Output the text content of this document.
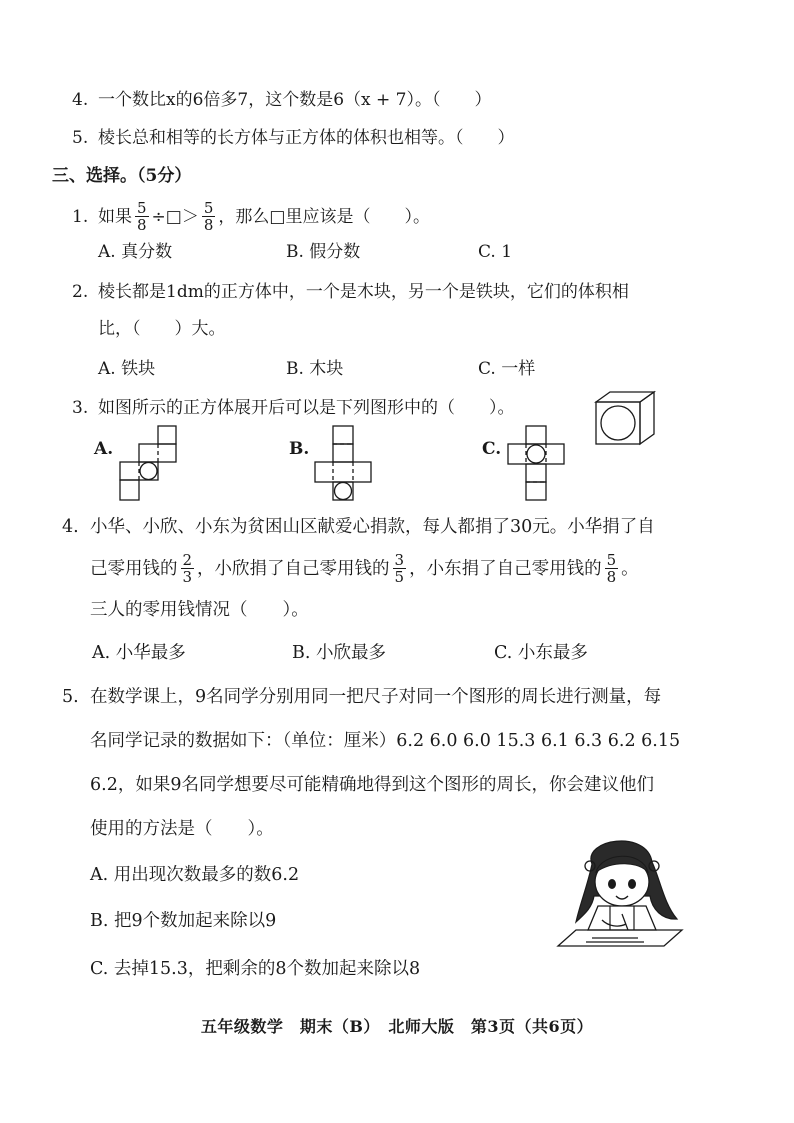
4. 一个数比x的6倍多7，这个数是6（x + 7）。（　　）
5. 棱长总和相等的长方体与正方体的体积也相等。（　　）
三、选择。（5分）
1. 如果 $\frac{5}{8}$ ÷□＞ $\frac{5}{8}$ ，那么□里应该是（　　）。
A. 真分数	B. 假分数	C. 1
2. 棱长都是1dm的正方体中，一个是木块，另一个是铁块，它们的体积相
比，（　　）大。
A. 铁块	B. 木块	C. 一样
3. 如图所示的正方体展开后可以是下列图形中的（　　）。
A.	B.	C.
4. 小华、小欣、小东为贫困山区献爱心捐款，每人都捐了30元。小华捐了自
己零用钱的 $\frac{2}{3}$ ，小欣捐了自己零用钱的 $\frac{3}{5}$ ，小东捐了自己零用钱的 $\frac{5}{8}$ 。
三人的零用钱情况（　　）。
A. 小华最多	B. 小欣最多	C. 小东最多
5. 在数学课上，9名同学分别用同一把尺子对同一个图形的周长进行测量，每
名同学记录的数据如下：（单位：厘米）6.2 6.0 6.0 15.3 6.1 6.3 6.2 6.15
6.2，如果9名同学想要尽可能精确地得到这个图形的周长，你会建议他们
使用的方法是（　　）。
A. 用出现次数最多的数6.2
B. 把9个数加起来除以9
C. 去掉15.3，把剩余的8个数加起来除以8
五年级数学　期末（B）　北师大版　第3页（共6页）
